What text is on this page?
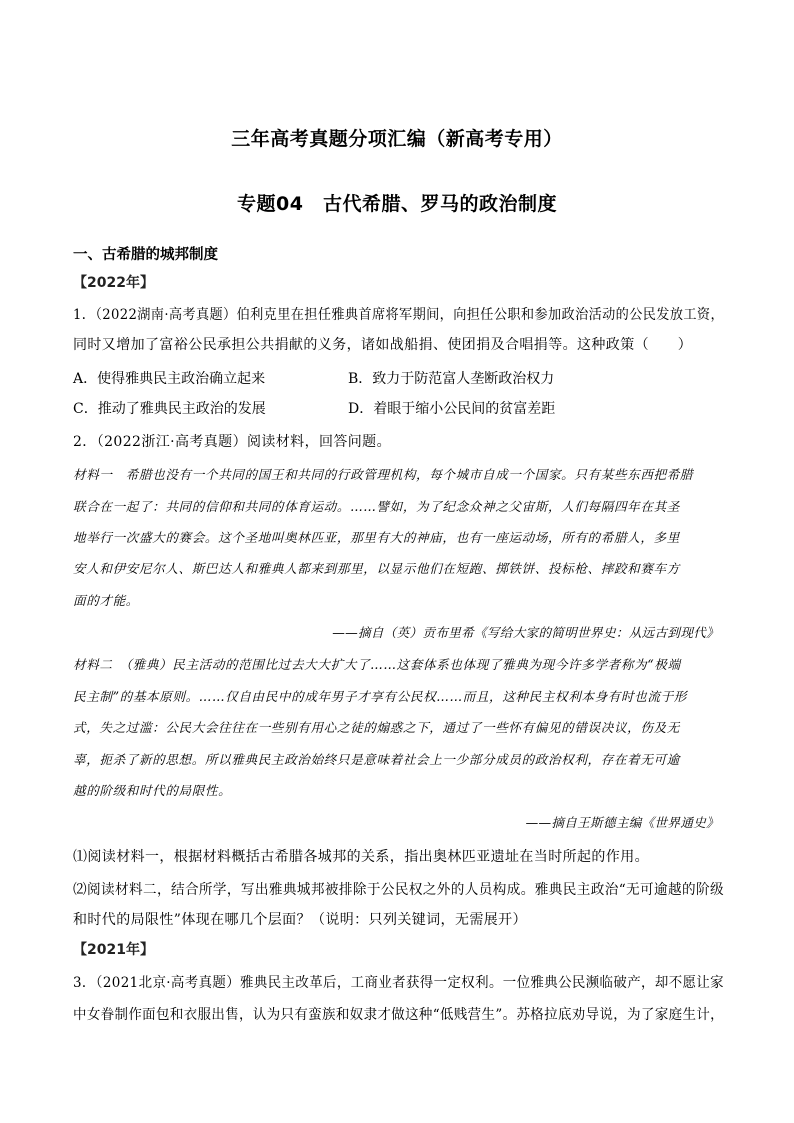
三年高考真题分项汇编（新高考专用）
专题04　古代希腊、罗马的政治制度
一、古希腊的城邦制度
【2022年】
1．（2022湖南·高考真题）伯利克里在担任雅典首席将军期间，向担任公职和参加政治活动的公民发放工资，
同时又增加了富裕公民承担公共捐献的义务，诸如战船捐、使团捐及合唱捐等。这种政策（　　）
A．使得雅典民主政治确立起来	B．致力于防范富人垄断政治权力
C．推动了雅典民主政治的发展	D．着眼于缩小公民间的贫富差距
2．（2022浙江·高考真题）阅读材料，回答问题。
材料一　希腊也没有一个共同的国王和共同的行政管理机构，每个城市自成一个国家。只有某些东西把希腊
联合在一起了：共同的信仰和共同的体育运动。……譬如，为了纪念众神之父宙斯，人们每隔四年在其圣
地举行一次盛大的赛会。这个圣地叫奥林匹亚，那里有大的神庙，也有一座运动场，所有的希腊人，多里
安人和伊安尼尔人、斯巴达人和雅典人都来到那里，以显示他们在短跑、掷铁饼、投标枪、摔跤和赛车方
面的才能。
——摘自（英）贡布里希《写给大家的简明世界史：从远古到现代》
材料二　（雅典）民主活动的范围比过去大大扩大了……这套体系也体现了雅典为现今许多学者称为“极端
民主制”的基本原则。……仅自由民中的成年男子才享有公民权……而且，这种民主权利本身有时也流于形
式，失之过滥：公民大会往往在一些别有用心之徒的煽惑之下，通过了一些怀有偏见的错误决议，伤及无
辜，扼杀了新的思想。所以雅典民主政治始终只是意味着社会上一少部分成员的政治权利，存在着无可逾
越的阶级和时代的局限性。
——摘自王斯德主编《世界通史》
⑴阅读材料一，根据材料概括古希腊各城邦的关系，指出奥林匹亚遗址在当时所起的作用。
⑵阅读材料二，结合所学，写出雅典城邦被排除于公民权之外的人员构成。雅典民主政治“无可逾越的阶级
和时代的局限性”体现在哪几个层面？（说明：只列关键词，无需展开）
【2021年】
3．（2021北京·高考真题）雅典民主改革后，工商业者获得一定权利。一位雅典公民濒临破产，却不愿让家
中女眷制作面包和衣服出售，认为只有蛮族和奴隶才做这种“低贱营生”。苏格拉底劝导说，为了家庭生计，
